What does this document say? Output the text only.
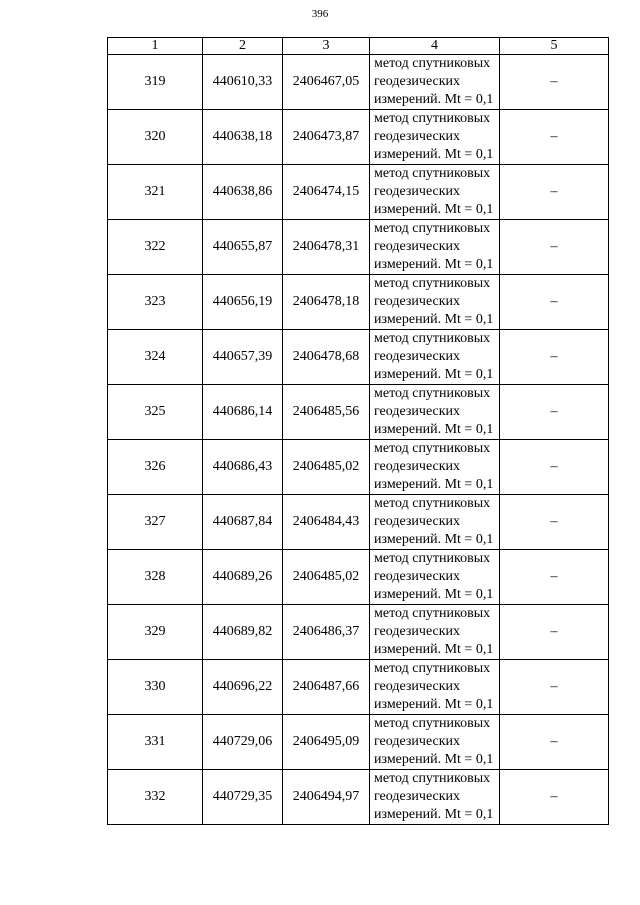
396
1	2	3	4	5
319	440610,33	2406467,05	метод спутниковых
геодезических
измерений. Mt = 0,1	–
320	440638,18	2406473,87	метод спутниковых
геодезических
измерений. Mt = 0,1	–
321	440638,86	2406474,15	метод спутниковых
геодезических
измерений. Mt = 0,1	–
322	440655,87	2406478,31	метод спутниковых
геодезических
измерений. Mt = 0,1	–
323	440656,19	2406478,18	метод спутниковых
геодезических
измерений. Mt = 0,1	–
324	440657,39	2406478,68	метод спутниковых
геодезических
измерений. Mt = 0,1	–
325	440686,14	2406485,56	метод спутниковых
геодезических
измерений. Mt = 0,1	–
326	440686,43	2406485,02	метод спутниковых
геодезических
измерений. Mt = 0,1	–
327	440687,84	2406484,43	метод спутниковых
геодезических
измерений. Mt = 0,1	–
328	440689,26	2406485,02	метод спутниковых
геодезических
измерений. Mt = 0,1	–
329	440689,82	2406486,37	метод спутниковых
геодезических
измерений. Mt = 0,1	–
330	440696,22	2406487,66	метод спутниковых
геодезических
измерений. Mt = 0,1	–
331	440729,06	2406495,09	метод спутниковых
геодезических
измерений. Mt = 0,1	–
332	440729,35	2406494,97	метод спутниковых
геодезических
измерений. Mt = 0,1	–
